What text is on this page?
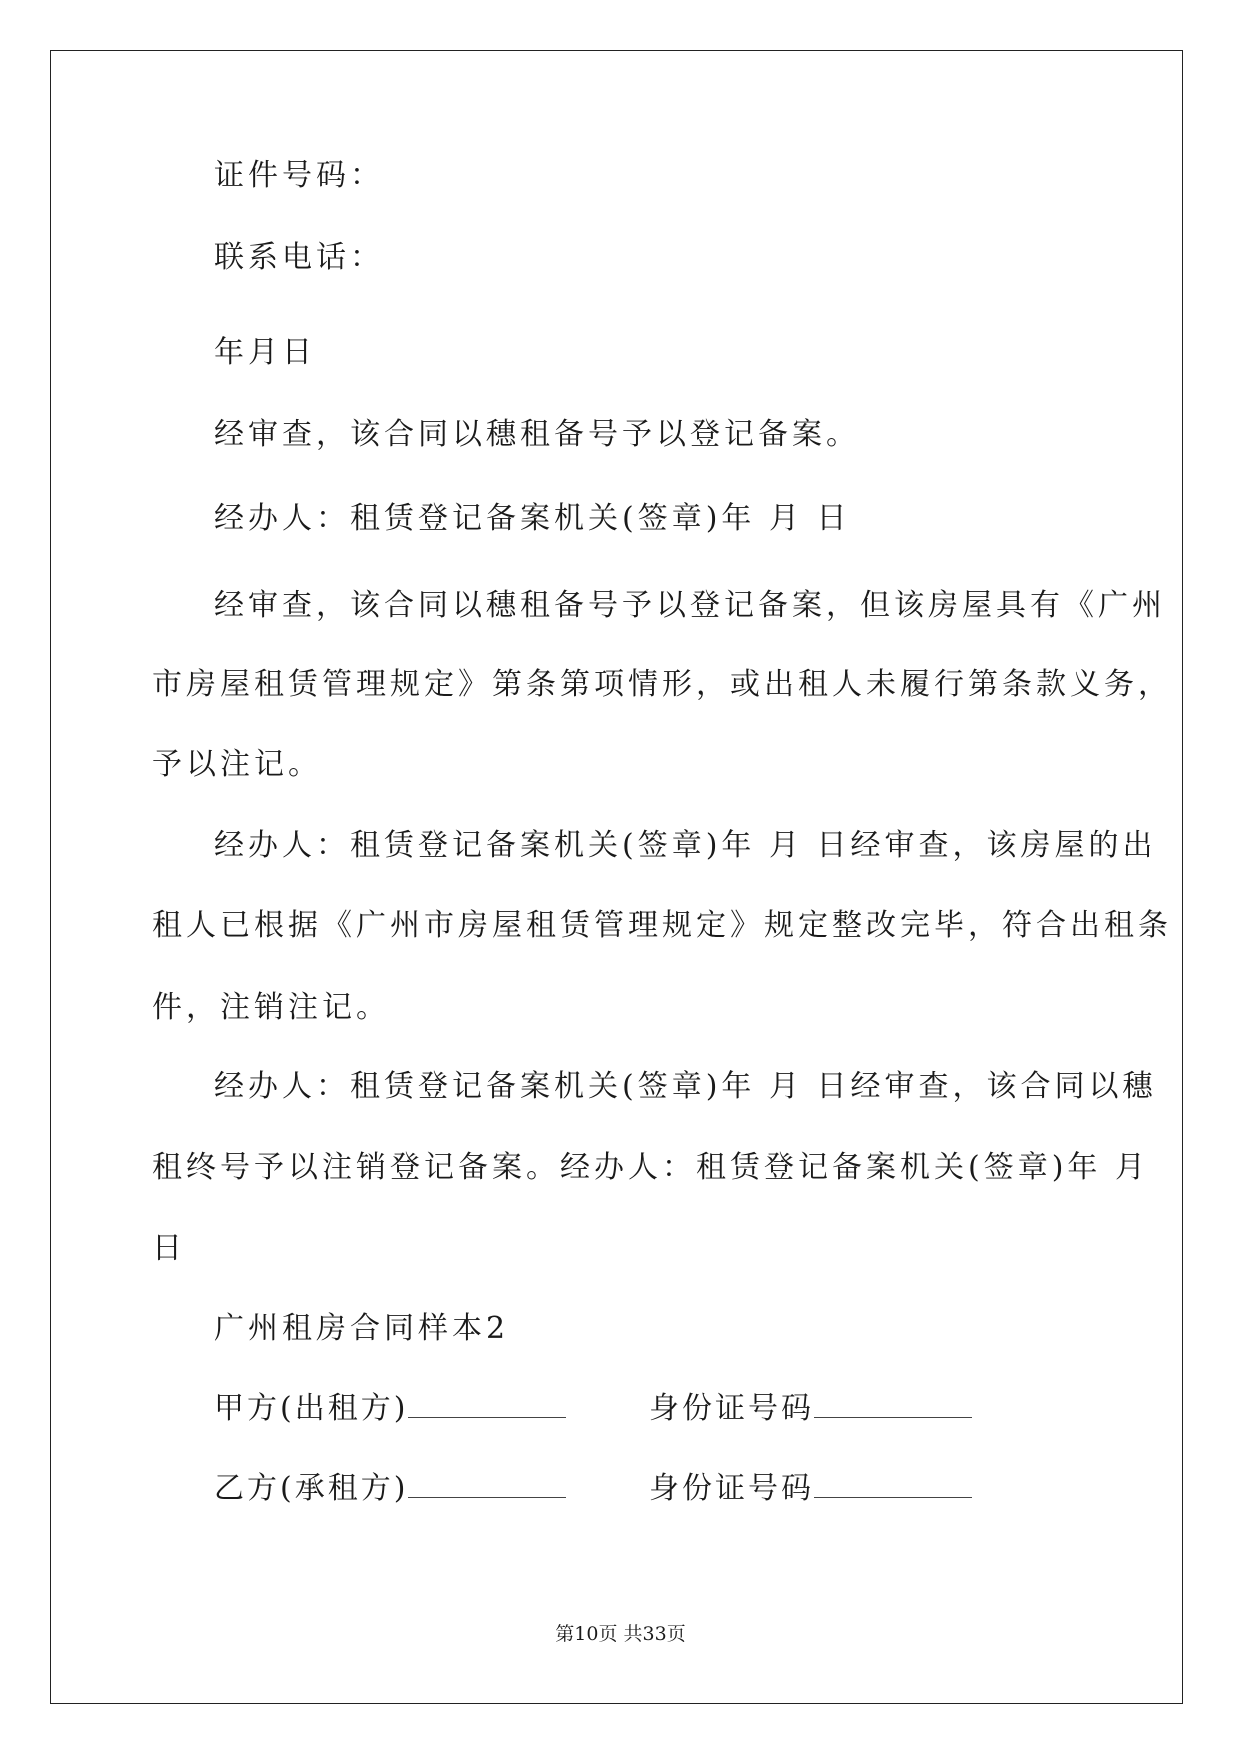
证件号码：
联系电话：
年月日
经审查，该合同以穗租备号予以登记备案。
经办人：租赁登记备案机关(签章)年 月 日
经审查，该合同以穗租备号予以登记备案，但该房屋具有《广州
市房屋租赁管理规定》第条第项情形，或出租人未履行第条款义务，
予以注记。
经办人：租赁登记备案机关(签章)年 月 日经审查，该房屋的出
租人已根据《广州市房屋租赁管理规定》规定整改完毕，符合出租条
件，注销注记。
经办人：租赁登记备案机关(签章)年 月 日经审查，该合同以穗
租终号予以注销登记备案。经办人：租赁登记备案机关(签章)年 月
日
广州租房合同样本2
甲方(出租方)	身份证号码
乙方(承租方)	身份证号码
第10页 共33页
